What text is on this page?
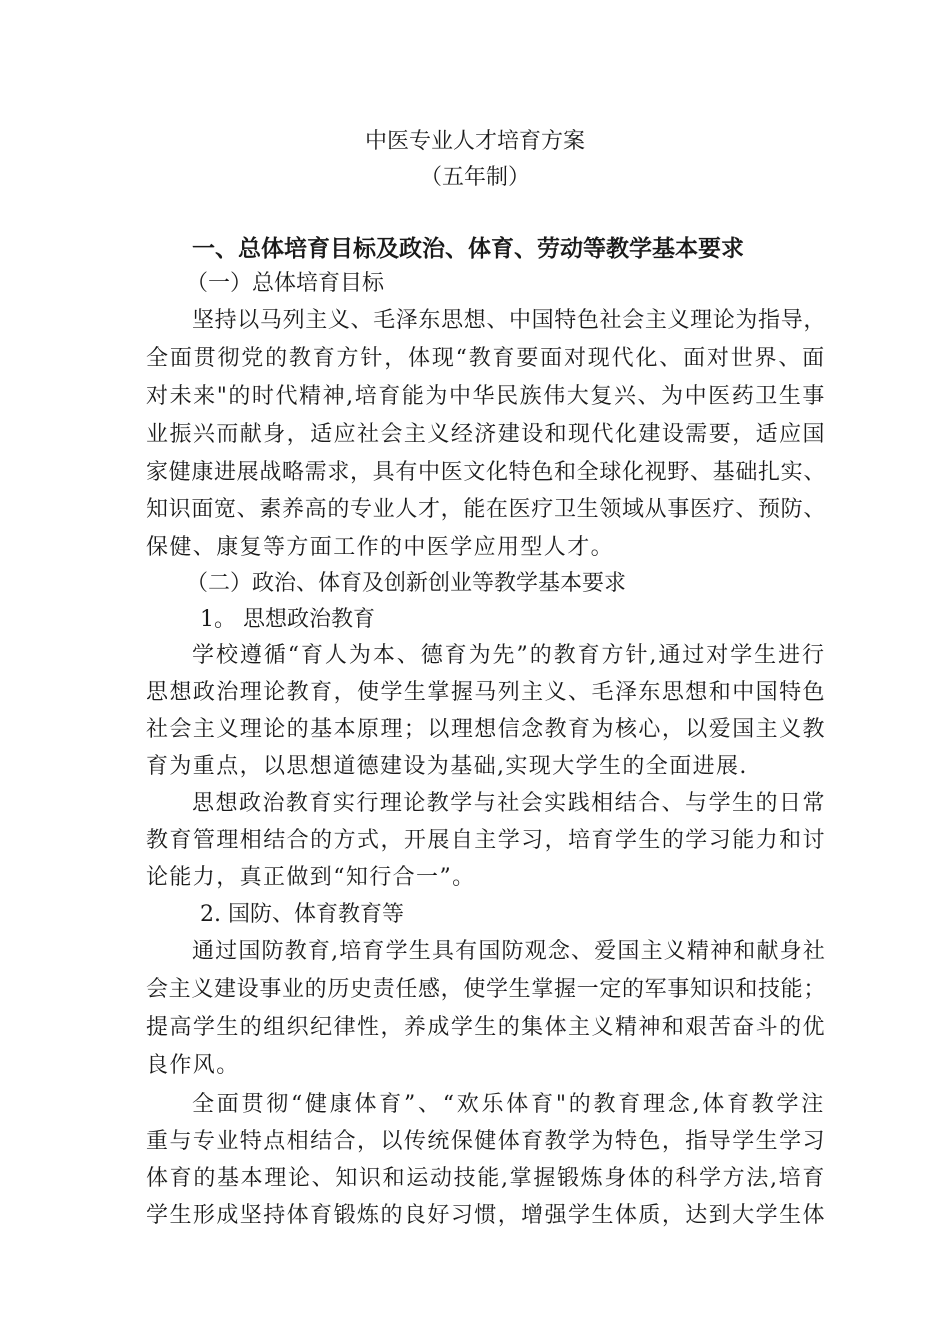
中医专业人才培育方案
（五年制）
一、总体培育目标及政治、体育、劳动等教学基本要求
（一）总体培育目标
坚持以马列主义、毛泽东思想、中国特色社会主义理论为指导，
全面贯彻党的教育方针，体现“教育要面对现代化、面对世界、面
对未来"的时代精神,培育能为中华民族伟大复兴、为中医药卫生事
业振兴而献身，适应社会主义经济建设和现代化建设需要，适应国
家健康进展战略需求，具有中医文化特色和全球化视野、基础扎实、
知识面宽、素养高的专业人才，能在医疗卫生领域从事医疗、预防、
保健、康复等方面工作的中医学应用型人才。
（二）政治、体育及创新创业等教学基本要求
1。 思想政治教育
学校遵循“育人为本、德育为先”的教育方针,通过对学生进行
思想政治理论教育，使学生掌握马列主义、毛泽东思想和中国特色
社会主义理论的基本原理；以理想信念教育为核心，以爱国主义教
育为重点，以思想道德建设为基础,实现大学生的全面进展.
思想政治教育实行理论教学与社会实践相结合、与学生的日常
教育管理相结合的方式，开展自主学习，培育学生的学习能力和讨
论能力，真正做到“知行合一”。
2. 国防、体育教育等
通过国防教育,培育学生具有国防观念、爱国主义精神和献身社
会主义建设事业的历史责任感，使学生掌握一定的军事知识和技能；
提高学生的组织纪律性，养成学生的集体主义精神和艰苦奋斗的优
良作风。
全面贯彻“健康体育”、“欢乐体育"的教育理念,体育教学注
重与专业特点相结合，以传统保健体育教学为特色，指导学生学习
体育的基本理论、知识和运动技能,掌握锻炼身体的科学方法,培育
学生形成坚持体育锻炼的良好习惯，增强学生体质，达到大学生体
